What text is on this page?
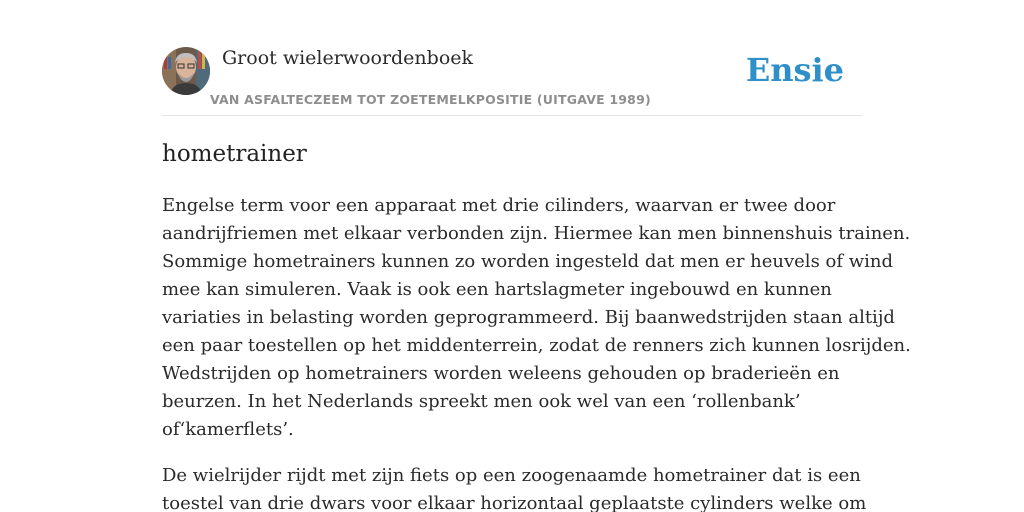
Groot wielerwoordenboek
VAN ASFALTECZEEM TOT ZOETEMELKPOSITIE (UITGAVE 1989)
Ensie
hometrainer

Engelse term voor een apparaat met drie cilinders, waarvan er twee door
aandrijfriemen met elkaar verbonden zijn. Hiermee kan men binnenshuis trainen.
Sommige hometrainers kunnen zo worden ingesteld dat men er heuvels of wind
mee kan simuleren. Vaak is ook een hartslagmeter ingebouwd en kunnen
variaties in belasting worden geprogrammeerd. Bij baanwedstrijden staan altijd
een paar toestellen op het middenterrein, zodat de renners zich kunnen losrijden.
Wedstrijden op hometrainers worden weleens gehouden op braderieën en
beurzen. In het Nederlands spreekt men ook wel van een ‘rollenbank’
of‘kamerflets’.

De wielrijder rijdt met zijn fiets op een zoogenaamde hometrainer dat is een
toestel van drie dwars voor elkaar horizontaal geplaatste cylinders welke om
